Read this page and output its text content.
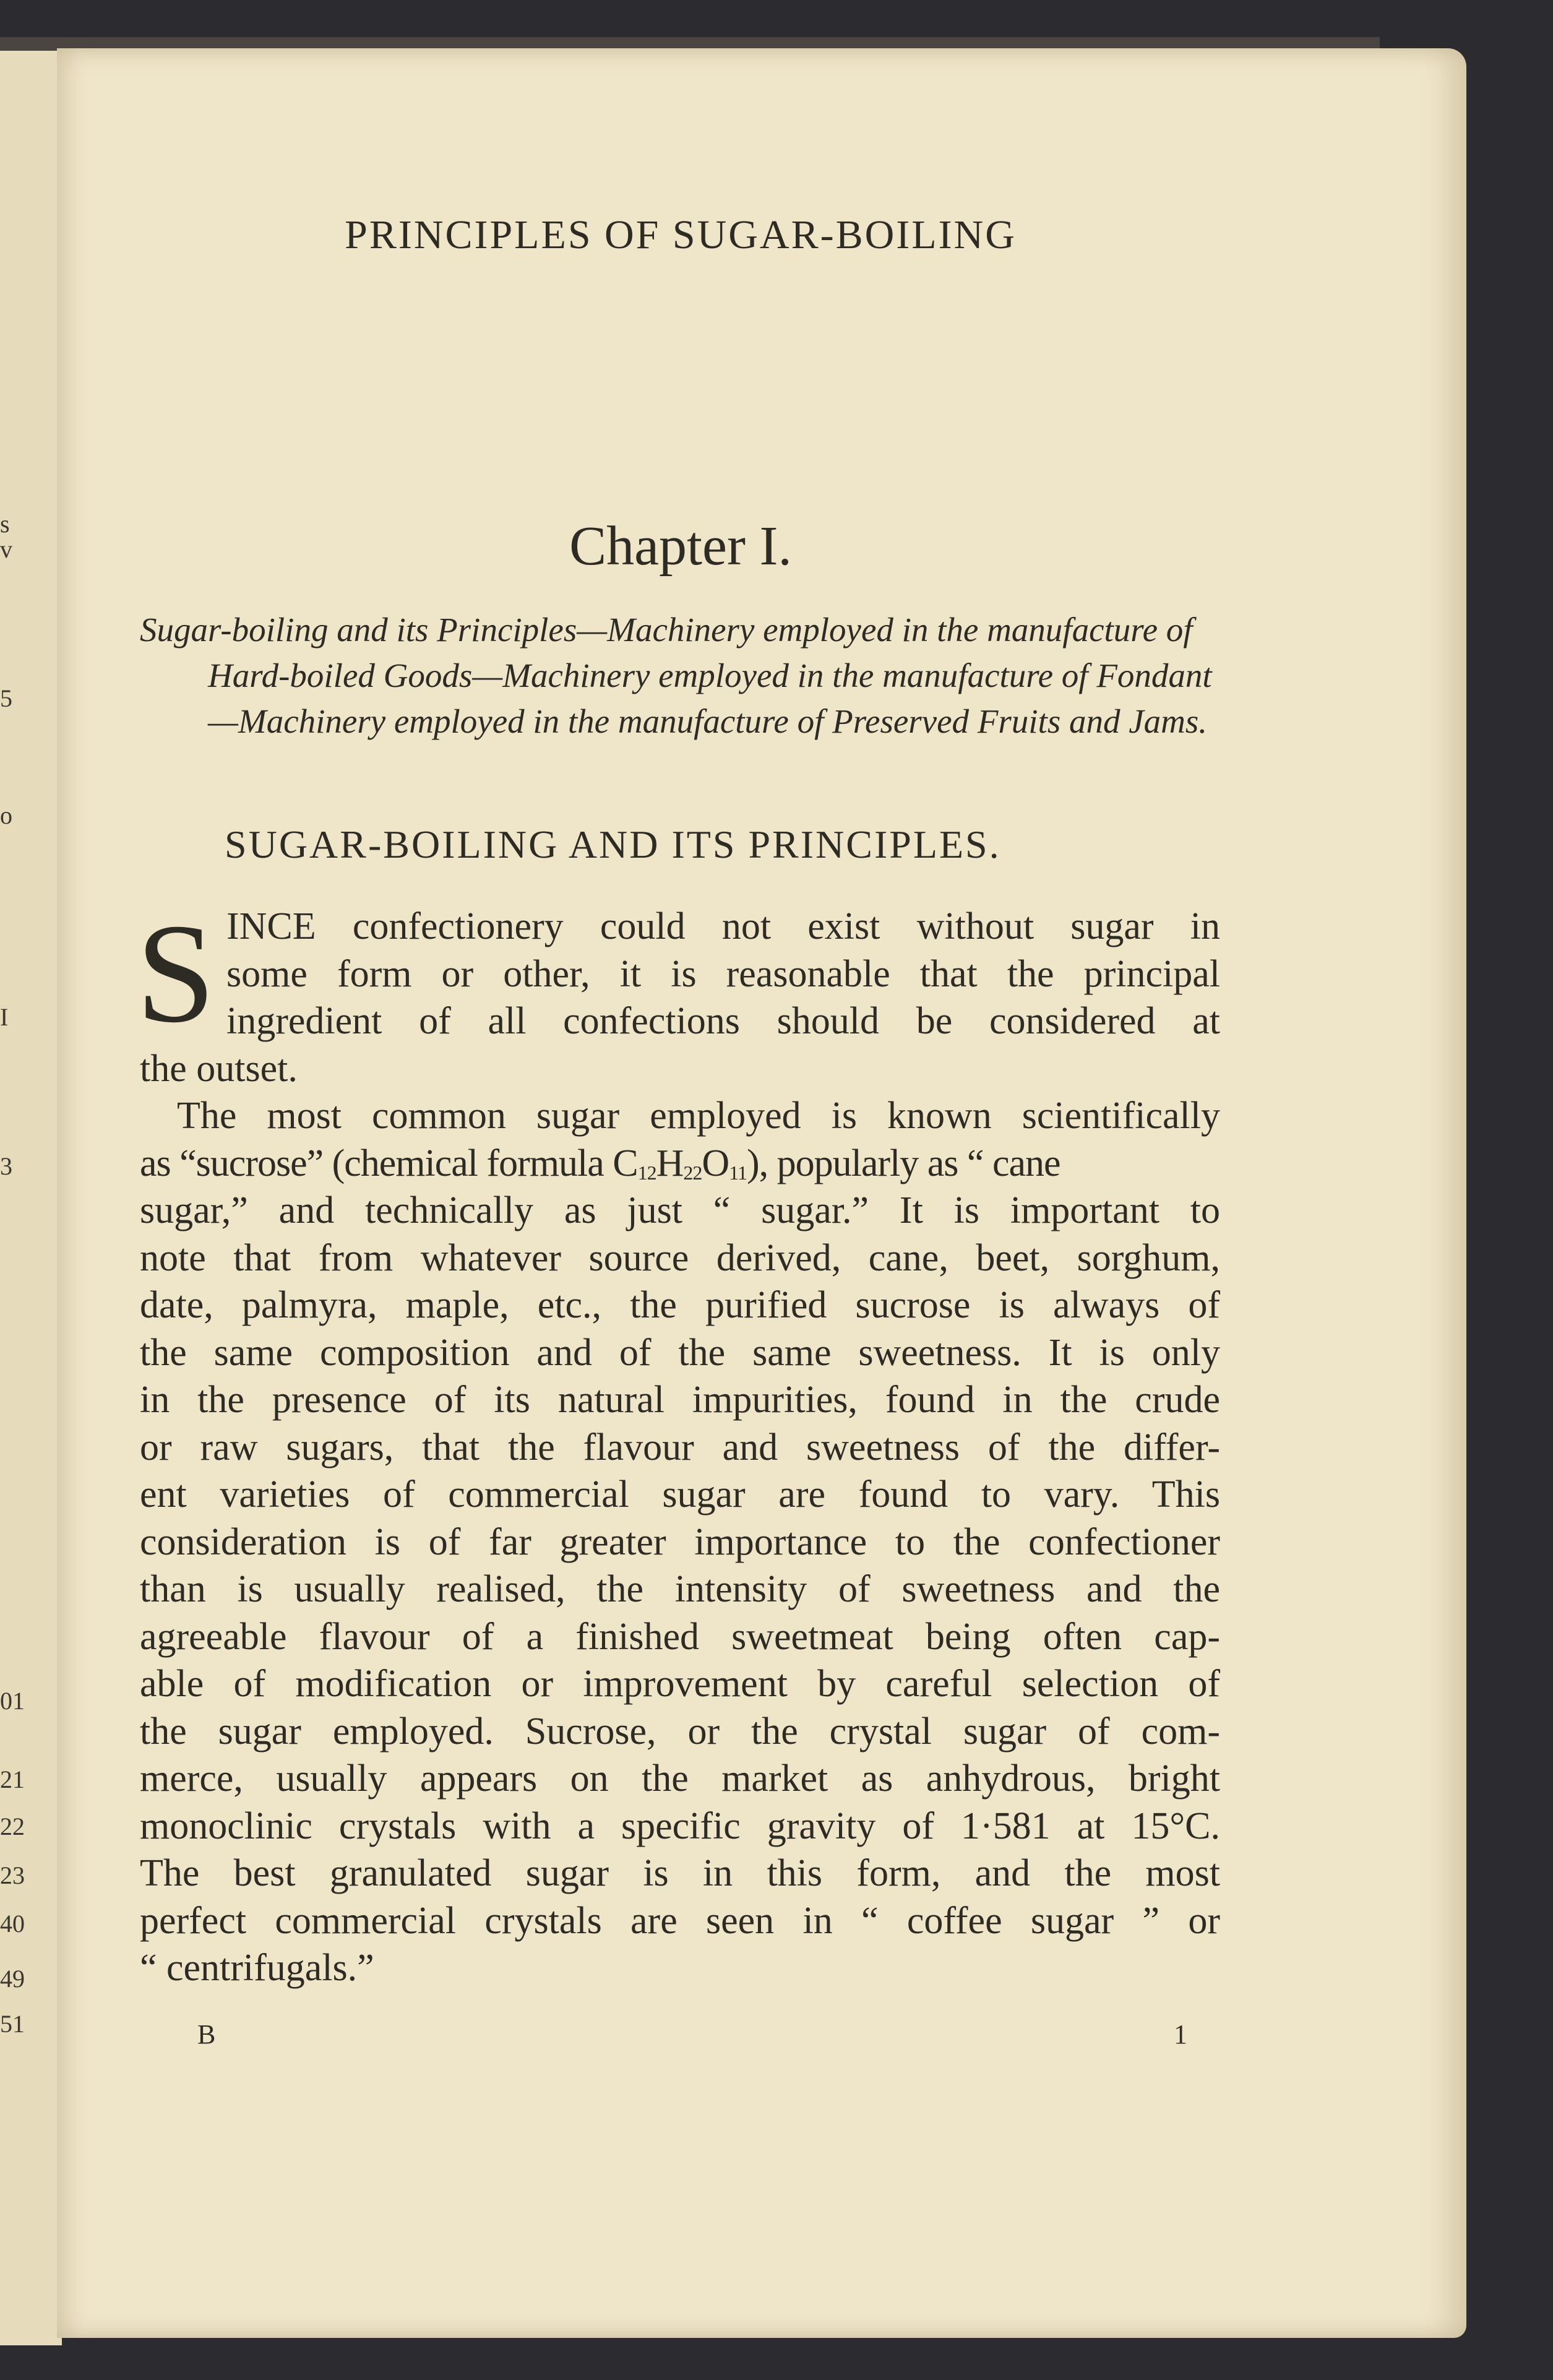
s
v
5
o
I
3
01
21
22
23
40
49
51
PRINCIPLES OF SUGAR-BOILING
Chapter I.
Sugar-boiling and its Principles—Machinery employed in the manufacture of
Hard-boiled Goods—Machinery employed in the manufacture of Fondant
—Machinery employed in the manufacture of Preserved Fruits and Jams.
SUGAR-BOILING AND ITS PRINCIPLES.
S INCE confectionery could not exist without sugar in
some form or other, it is reasonable that the principal
ingredient of all confections should be considered at
the outset.
The most common sugar employed is known scientifically
as “sucrose” (chemical formula $C_{12}H_{22}O_{11}$), popularly as “ cane
sugar,” and technically as just “ sugar.” It is important to
note that from whatever source derived, cane, beet, sorghum,
date, palmyra, maple, etc., the purified sucrose is always of
the same composition and of the same sweetness. It is only
in the presence of its natural impurities, found in the crude
or raw sugars, that the flavour and sweetness of the differ-
ent varieties of commercial sugar are found to vary. This
consideration is of far greater importance to the confectioner
than is usually realised, the intensity of sweetness and the
agreeable flavour of a finished sweetmeat being often cap-
able of modification or improvement by careful selection of
the sugar employed. Sucrose, or the crystal sugar of com-
merce, usually appears on the market as anhydrous, bright
monoclinic crystals with a specific gravity of 1·581 at 15°C.
The best granulated sugar is in this form, and the most
perfect commercial crystals are seen in “ coffee sugar ” or
“ centrifugals.”
B	1
